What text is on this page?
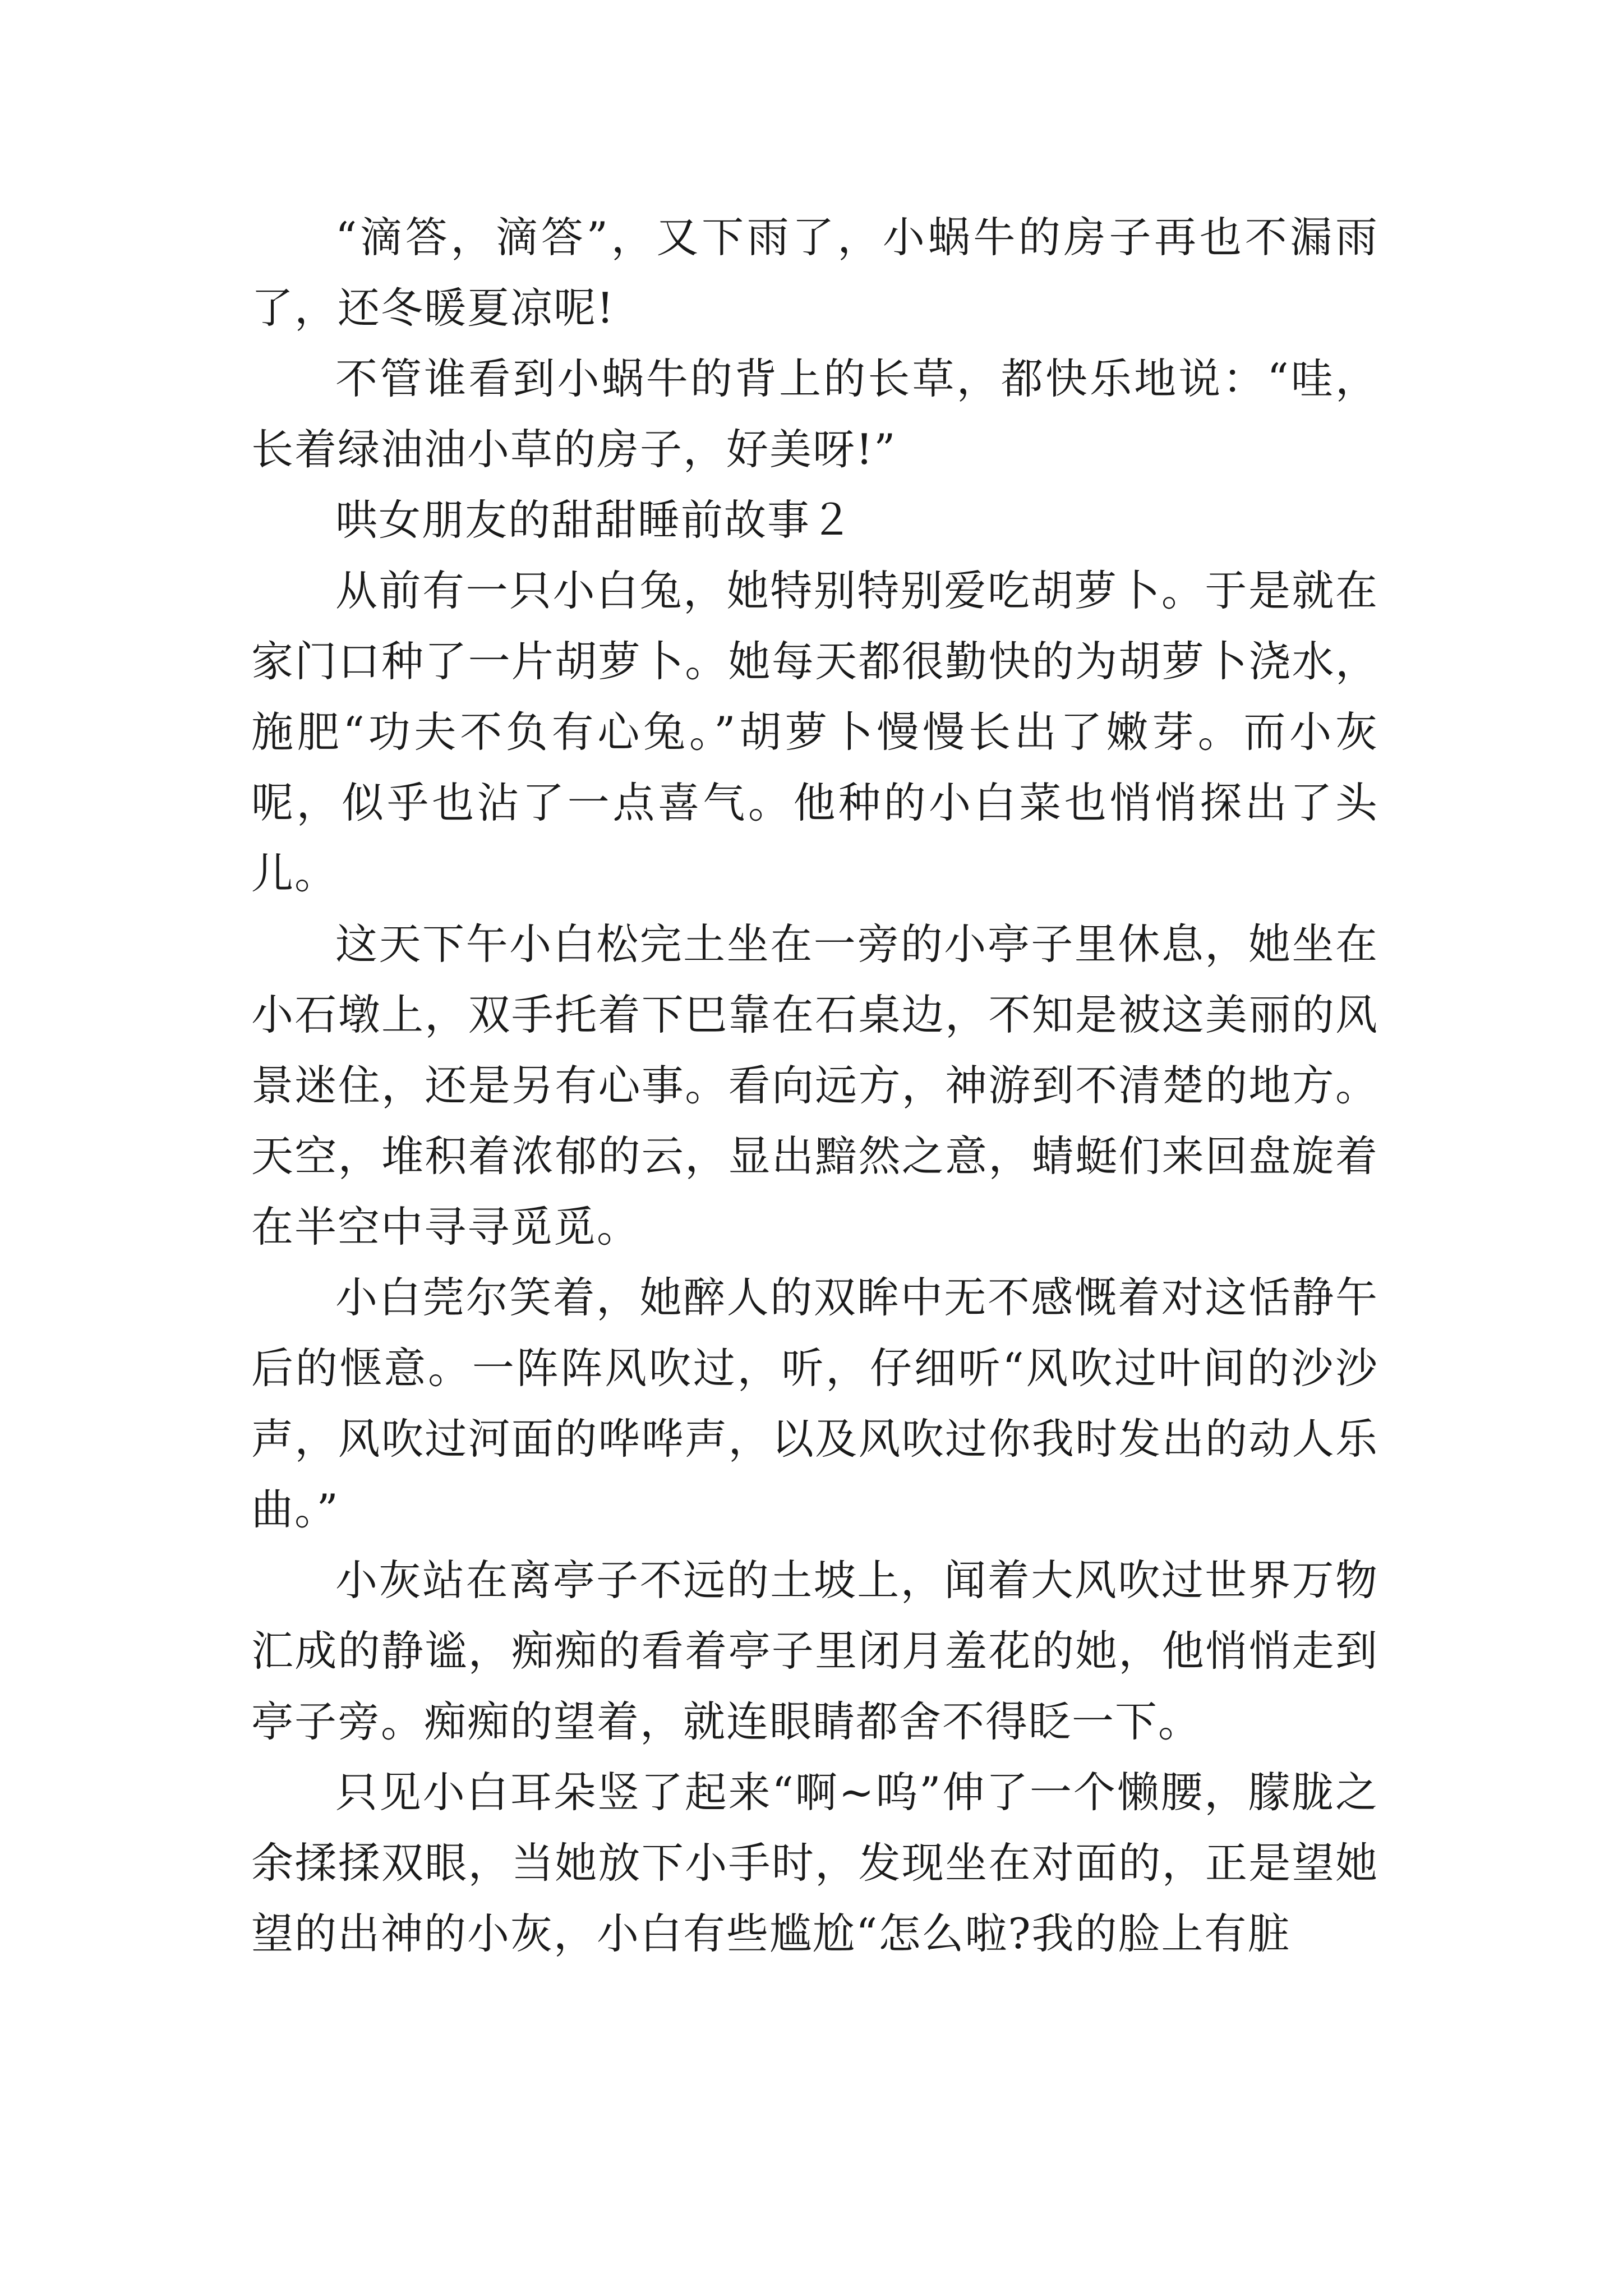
“滴答，滴答”，又下雨了，小蜗牛的房子再也不漏雨了，还冬暖夏凉呢!

不管谁看到小蜗牛的背上的长草，都快乐地说：“哇，长着绿油油小草的房子，好美呀!”

哄女朋友的甜甜睡前故事２

从前有一只小白兔，她特别特别爱吃胡萝卜。于是就在家门口种了一片胡萝卜。她每天都很勤快的为胡萝卜浇水，施肥“功夫不负有心兔。”胡萝卜慢慢长出了嫩芽。而小灰呢，似乎也沾了一点喜气。他种的小白菜也悄悄探出了头儿。

这天下午小白松完土坐在一旁的小亭子里休息，她坐在小石墩上，双手托着下巴靠在石桌边，不知是被这美丽的风景迷住，还是另有心事。看向远方，神游到不清楚的地方。天空，堆积着浓郁的云，显出黯然之意，蜻蜓们来回盘旋着在半空中寻寻觅觅。

小白莞尔笑着，她醉人的双眸中无不感慨着对这恬静午后的惬意。一阵阵风吹过，听，仔细听“风吹过叶间的沙沙声，风吹过河面的哗哗声，以及风吹过你我时发出的动人乐曲。”

小灰站在离亭子不远的土坡上，闻着大风吹过世界万物汇成的静谧，痴痴的看着亭子里闭月羞花的她，他悄悄走到亭子旁。痴痴的望着，就连眼睛都舍不得眨一下。

只见小白耳朵竖了起来“啊~呜”伸了一个懒腰，朦胧之余揉揉双眼，当她放下小手时，发现坐在对面的，正是望她望的出神的小灰，小白有些尴尬“怎么啦?我的脸上有脏
